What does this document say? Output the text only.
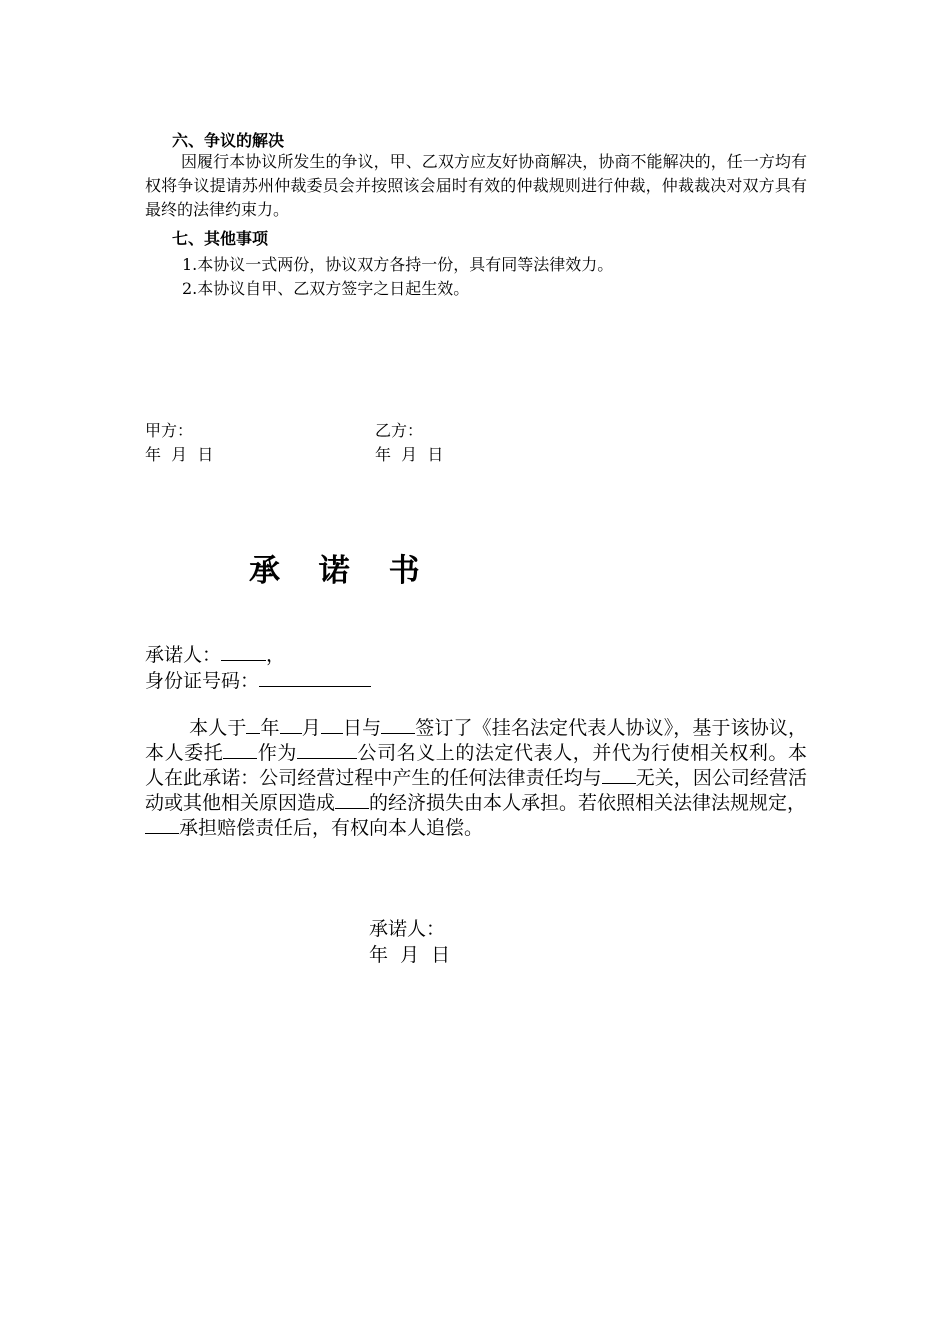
六、争议的解决
因履行本协议所发生的争议，甲、乙双方应友好协商解决，协商不能解决的，任一方均有权将争议提请苏州仲裁委员会并按照该会届时有效的仲裁规则进行仲裁，仲裁裁决对双方具有最终的法律约束力。
七、其他事项
1.本协议一式两份，协议双方各持一份，具有同等法律效力。
2.本协议自甲、乙双方签字之日起生效。
甲方：
年  月  日
乙方：
年  月  日
承 诺 书
承诺人： ，
身份证号码：
本人于 年 月 日与 签订了《挂名法定代表人协议》，基于该协议，本人委托 作为	公司名义上的法定代表人，并代为行使相关权利。本人在此承诺：公司经营过程中产生的任何法律责任均与 无关，因公司经营活动或其他相关原因造成 的经济损失由本人承担。若依照相关法律法规规定，
承担赔偿责任后，有权向本人追偿。
承诺人：
年  月  日
